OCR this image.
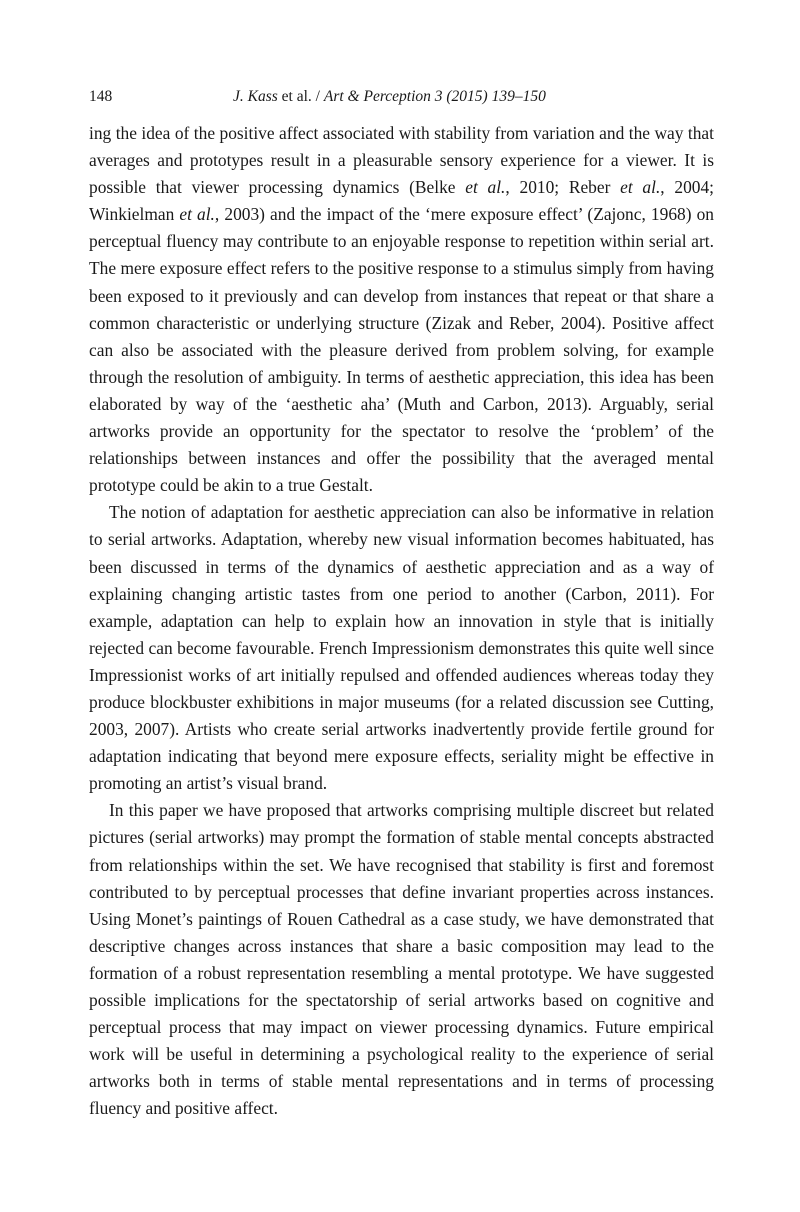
148	J. Kass et al. / Art & Perception 3 (2015) 139–150

ing the idea of the positive affect associated with stability from variation and the way that averages and prototypes result in a pleasurable sensory experience for a viewer. It is possible that viewer processing dynamics (Belke et al., 2010; Reber et al., 2004; Winkielman et al., 2003) and the impact of the ‘mere exposure effect’ (Zajonc, 1968) on perceptual fluency may contribute to an enjoyable response to repetition within serial art. The mere exposure effect refers to the positive response to a stimulus simply from having been exposed to it previously and can develop from instances that repeat or that share a common characteristic or underlying structure (Zizak and Reber, 2004). Positive affect can also be associated with the pleasure derived from problem solving, for example through the resolution of ambiguity. In terms of aesthetic appreciation, this idea has been elaborated by way of the ‘aesthetic aha’ (Muth and Carbon, 2013). Arguably, serial artworks provide an opportunity for the spectator to resolve the ‘problem’ of the relationships between instances and offer the possibility that the averaged mental prototype could be akin to a true Gestalt.

The notion of adaptation for aesthetic appreciation can also be informative in relation to serial artworks. Adaptation, whereby new visual information becomes habituated, has been discussed in terms of the dynamics of aesthetic appreciation and as a way of explaining changing artistic tastes from one period to another (Carbon, 2011). For example, adaptation can help to explain how an innovation in style that is initially rejected can become favourable. French Impressionism demonstrates this quite well since Impressionist works of art initially repulsed and offended audiences whereas today they produce blockbuster exhibitions in major museums (for a related discussion see Cutting, 2003, 2007). Artists who create serial artworks inadvertently provide fertile ground for adaptation indicating that beyond mere exposure effects, seriality might be effective in promoting an artist’s visual brand.

In this paper we have proposed that artworks comprising multiple discreet but related pictures (serial artworks) may prompt the formation of stable mental concepts abstracted from relationships within the set. We have recognised that stability is first and foremost contributed to by perceptual processes that define invariant properties across instances. Using Monet’s paintings of Rouen Cathedral as a case study, we have demonstrated that descriptive changes across instances that share a basic composition may lead to the formation of a robust representation resembling a mental prototype. We have suggested possible implications for the spectatorship of serial artworks based on cognitive and perceptual process that may impact on viewer processing dynamics. Future empirical work will be useful in determining a psychological reality to the experience of serial artworks both in terms of stable mental representations and in terms of processing fluency and positive affect.
